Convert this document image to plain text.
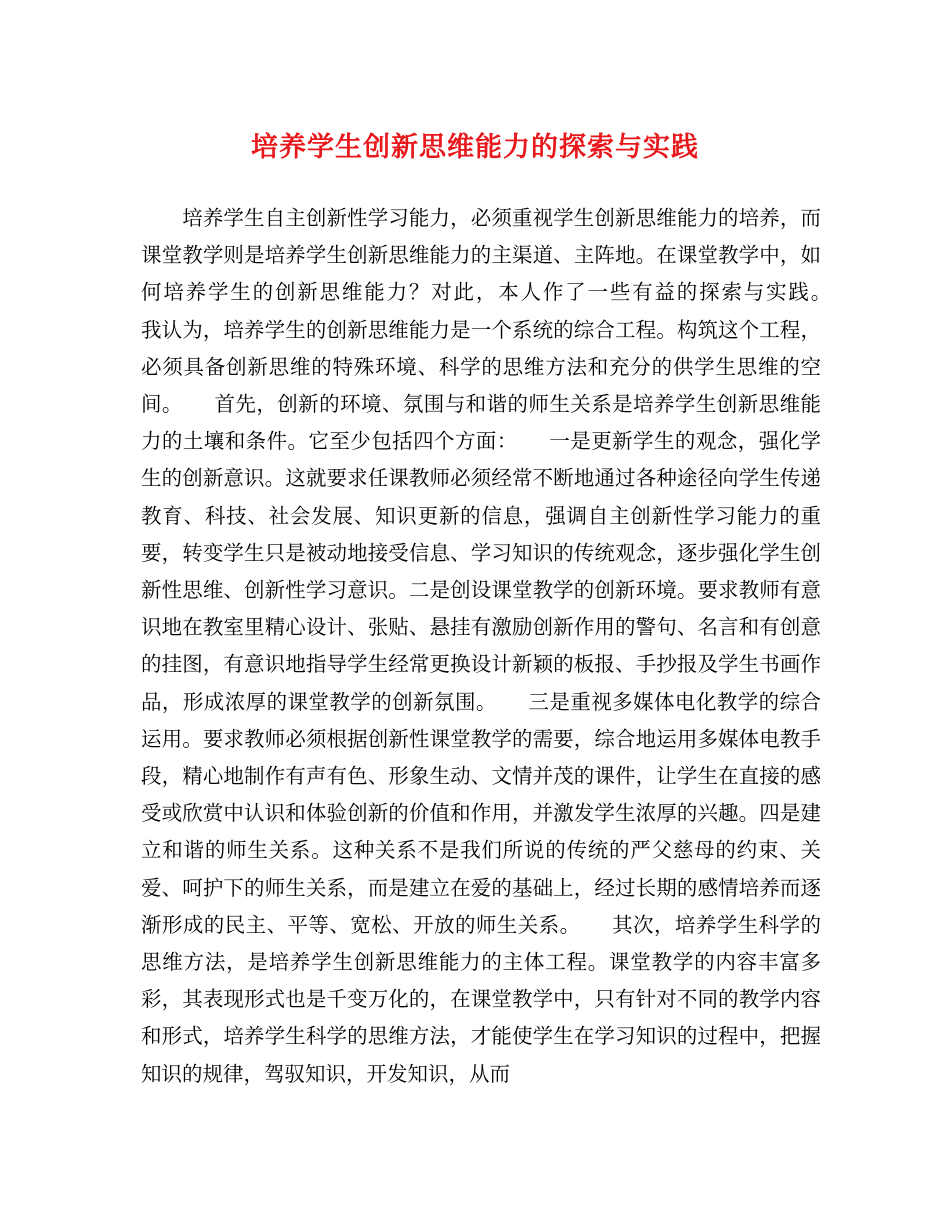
培养学生创新思维能力的探索与实践

　　培养学生自主创新性学习能力，必须重视学生创新思维能力的培养，而课堂教学则是培养学生创新思维能力的主渠道、主阵地。在课堂教学中，如何培养学生的创新思维能力？对此，本人作了一些有益的探索与实践。　　我认为，培养学生的创新思维能力是一个系统的综合工程。构筑这个工程，必须具备创新思维的特殊环境、科学的思维方法和充分的供学生思维的空间。　　首先，创新的环境、氛围与和谐的师生关系是培养学生创新思维能力的土壤和条件。它至少包括四个方面：　　一是更新学生的观念，强化学生的创新意识。这就要求任课教师必须经常不断地通过各种途径向学生传递教育、科技、社会发展、知识更新的信息，强调自主创新性学习能力的重要，转变学生只是被动地接受信息、学习知识的传统观念，逐步强化学生创新性思维、创新性学习意识。二是创设课堂教学的创新环境。要求教师有意识地在教室里精心设计、张贴、悬挂有激励创新作用的警句、名言和有创意的挂图，有意识地指导学生经常更换设计新颖的板报、手抄报及学生书画作品，形成浓厚的课堂教学的创新氛围。　　三是重视多媒体电化教学的综合运用。要求教师必须根据创新性课堂教学的需要，综合地运用多媒体电教手段，精心地制作有声有色、形象生动、文情并茂的课件，让学生在直接的感受或欣赏中认识和体验创新的价值和作用，并激发学生浓厚的兴趣。四是建立和谐的师生关系。这种关系不是我们所说的传统的严父慈母的约束、关爱、呵护下的师生关系，而是建立在爱的基础上，经过长期的感情培养而逐渐形成的民主、平等、宽松、开放的师生关系。　　其次，培养学生科学的思维方法，是培养学生创新思维能力的主体工程。课堂教学的内容丰富多彩，其表现形式也是千变万化的，在课堂教学中，只有针对不同的教学内容和形式，培养学生科学的思维方法，才能使学生在学习知识的过程中，把握知识的规律，驾驭知识，开发知识，从而
